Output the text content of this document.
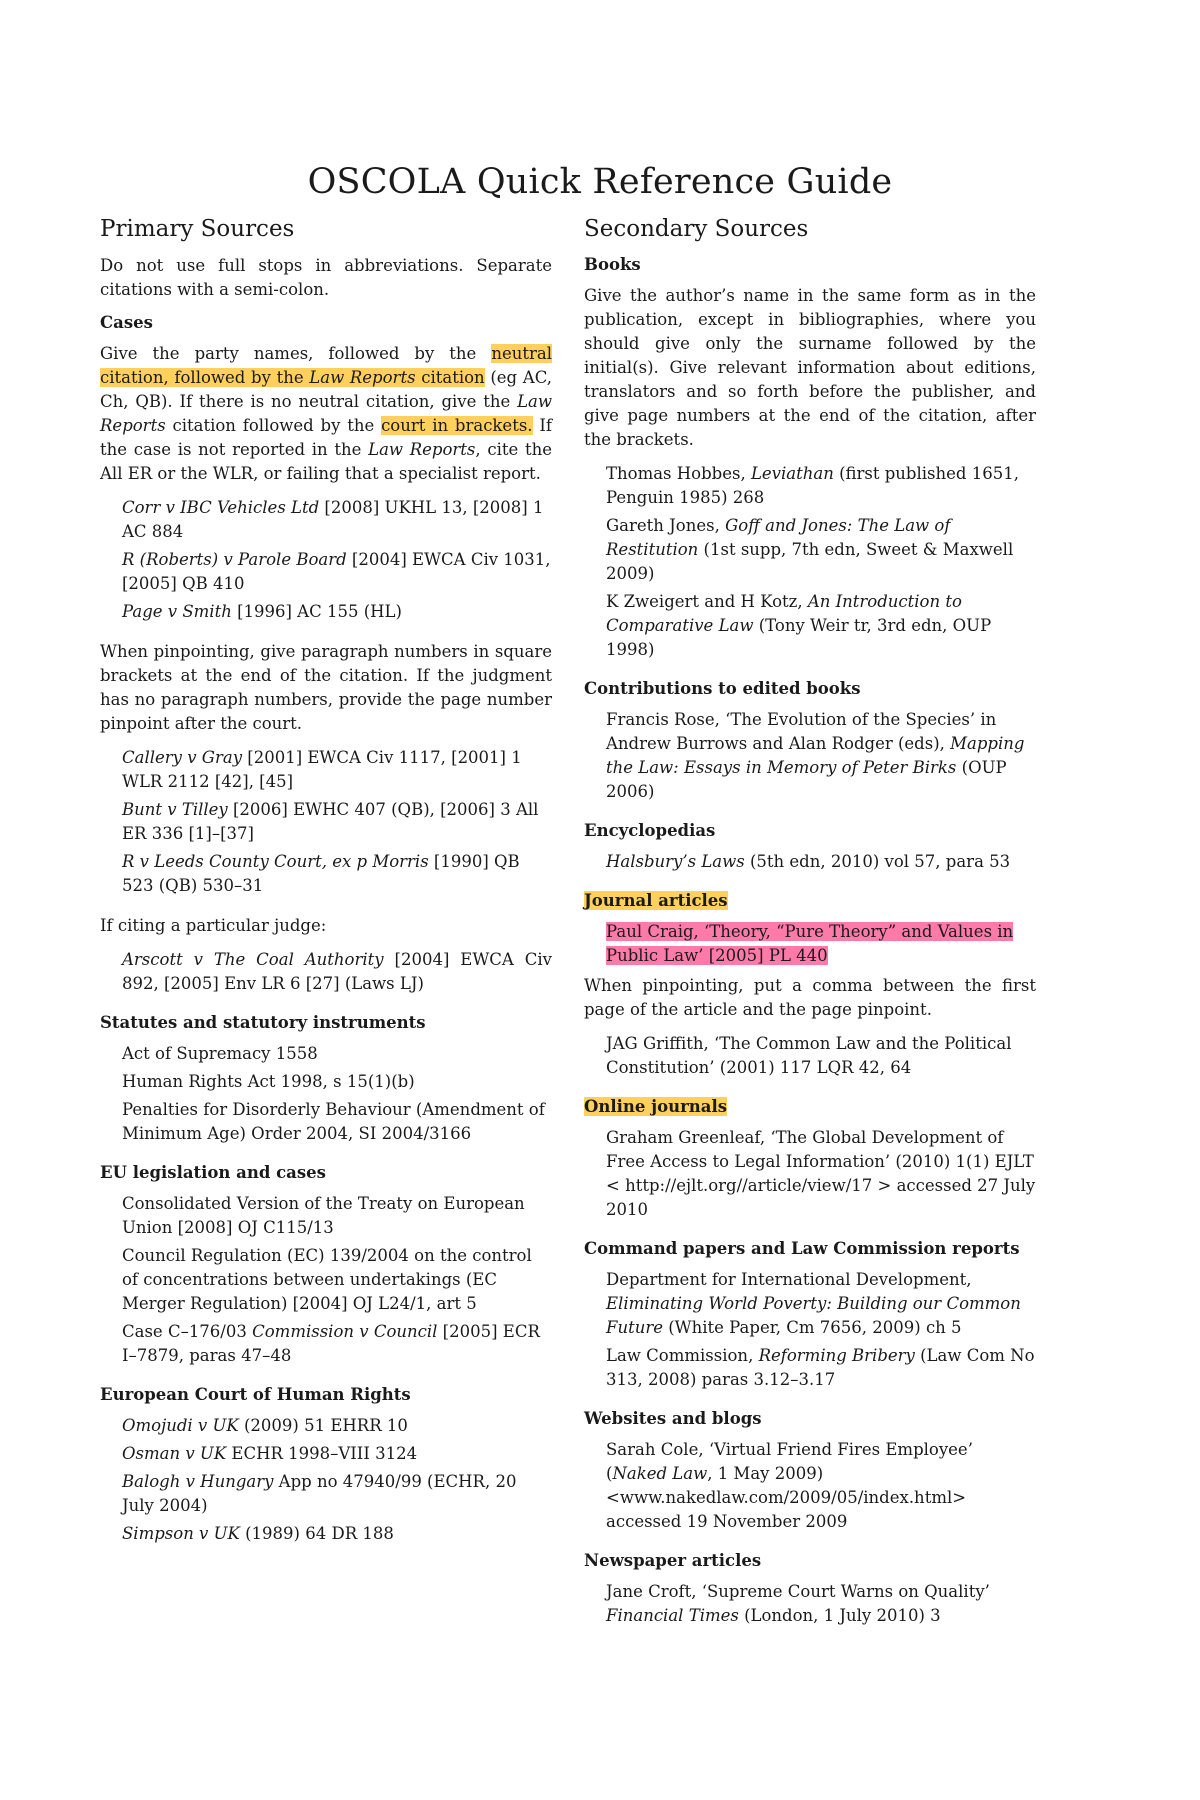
OSCOLA Quick Reference Guide
Primary Sources

Do not use full stops in abbreviations. Separate citations with a semi-colon.

Cases

Give the party names, followed by the neutral citation, followed by the Law Reports citation (eg AC, Ch, QB). If there is no neutral citation, give the Law Reports citation followed by the court in brackets. If the case is not reported in the Law Reports, cite the All ER or the WLR, or failing that a specialist report.

Corr v IBC Vehicles Ltd [2008] UKHL 13, [2008] 1 AC 884
R (Roberts) v Parole Board [2004] EWCA Civ 1031, [2005] QB 410
Page v Smith [1996] AC 155 (HL)

When pinpointing, give paragraph numbers in square brackets at the end of the citation. If the judgment has no paragraph numbers, provide the page number pinpoint after the court.

Callery v Gray [2001] EWCA Civ 1117, [2001] 1 WLR 2112 [42], [45]
Bunt v Tilley [2006] EWHC 407 (QB), [2006] 3 All ER 336 [1]–[37]
R v Leeds County Court, ex p Morris [1990] QB 523 (QB) 530–31

If citing a particular judge:

Arscott v The Coal Authority [2004] EWCA Civ 892, [2005] Env LR 6 [27] (Laws LJ)
Statutes and statutory instruments
Act of Supremacy 1558
Human Rights Act 1998, s 15(1)(b)
Penalties for Disorderly Behaviour (Amendment of Minimum Age) Order 2004, SI 2004/3166
EU legislation and cases
Consolidated Version of the Treaty on European Union [2008] OJ C115/13
Council Regulation (EC) 139/2004 on the control of concentrations between undertakings (EC Merger Regulation) [2004] OJ L24/1, art 5
Case C–176/03 Commission v Council [2005] ECR I–7879, paras 47–48
European Court of Human Rights
Omojudi v UK (2009) 51 EHRR 10
Osman v UK ECHR 1998–VIII 3124
Balogh v Hungary App no 47940/99 (ECHR, 20 July 2004)
Simpson v UK (1989) 64 DR 188
Secondary Sources
Books

Give the author’s name in the same form as in the publication, except in bibliographies, where you should give only the surname followed by the initial(s). Give relevant information about editions, translators and so forth before the publisher, and give page numbers at the end of the citation, after the brackets.

Thomas Hobbes, Leviathan (first published 1651, Penguin 1985) 268
Gareth Jones, Goff and Jones: The Law of Restitution (1st supp, 7th edn, Sweet & Maxwell 2009)
K Zweigert and H Kotz, An Introduction to Comparative Law (Tony Weir tr, 3rd edn, OUP 1998)
Contributions to edited books
Francis Rose, ‘The Evolution of the Species’ in Andrew Burrows and Alan Rodger (eds), Mapping the Law: Essays in Memory of Peter Birks (OUP 2006)
Encyclopedias
Halsbury’s Laws (5th edn, 2010) vol 57, para 53
Journal articles
Paul Craig, ‘Theory, “Pure Theory” and Values in Public Law’ [2005] PL 440

When pinpointing, put a comma between the first page of the article and the page pinpoint.

JAG Griffith, ‘The Common Law and the Political Constitution’ (2001) 117 LQR 42, 64
Online journals
Graham Greenleaf, ‘The Global Development of Free Access to Legal Information’ (2010) 1(1) EJLT < http://ejlt.org//article/view/17 > accessed 27 July 2010
Command papers and Law Commission reports
Department for International Development, Eliminating World Poverty: Building our Common Future (White Paper, Cm 7656, 2009) ch 5
Law Commission, Reforming Bribery (Law Com No 313, 2008) paras 3.12–3.17
Websites and blogs
Sarah Cole, ‘Virtual Friend Fires Employee’ (Naked Law, 1 May 2009) <www.nakedlaw.com/2009/05/index.html> accessed 19 November 2009
Newspaper articles
Jane Croft, ‘Supreme Court Warns on Quality’ Financial Times (London, 1 July 2010) 3
